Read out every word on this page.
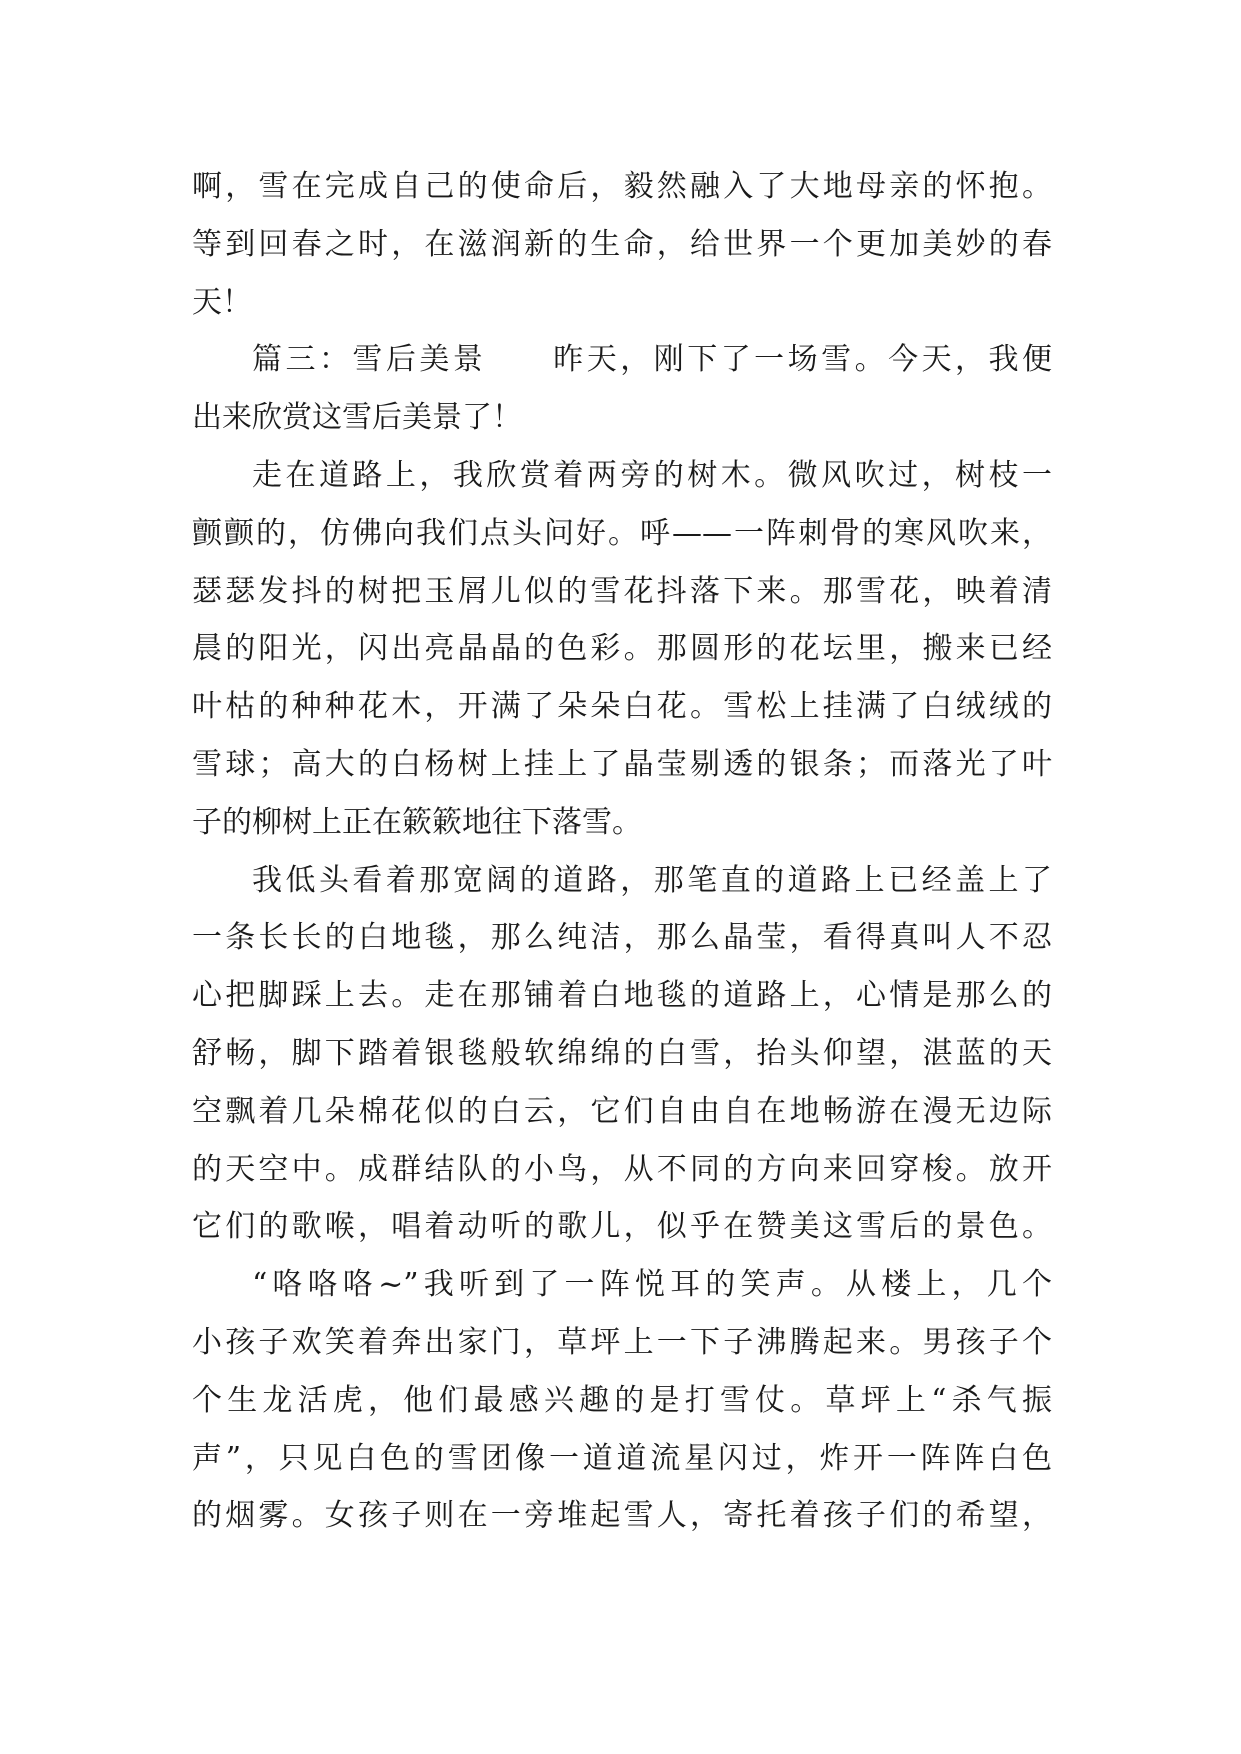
啊，雪在完成自己的使命后，毅然融入了大地母亲的怀抱。
等到回春之时，在滋润新的生命，给世界一个更加美妙的春
天！
篇三：雪后美景　　昨天，刚下了一场雪。今天，我便
出来欣赏这雪后美景了！
走在道路上，我欣赏着两旁的树木。微风吹过，树枝一
颤颤的，仿佛向我们点头问好。呼——一阵刺骨的寒风吹来，
瑟瑟发抖的树把玉屑儿似的雪花抖落下来。那雪花，映着清
晨的阳光，闪出亮晶晶的色彩。那圆形的花坛里，搬来已经
叶枯的种种花木，开满了朵朵白花。雪松上挂满了白绒绒的
雪球；高大的白杨树上挂上了晶莹剔透的银条；而落光了叶
子的柳树上正在簌簌地往下落雪。
我低头看着那宽阔的道路，那笔直的道路上已经盖上了
一条长长的白地毯，那么纯洁，那么晶莹，看得真叫人不忍
心把脚踩上去。走在那铺着白地毯的道路上，心情是那么的
舒畅，脚下踏着银毯般软绵绵的白雪，抬头仰望，湛蓝的天
空飘着几朵棉花似的白云，它们自由自在地畅游在漫无边际
的天空中。成群结队的小鸟，从不同的方向来回穿梭。放开
它们的歌喉，唱着动听的歌儿，似乎在赞美这雪后的景色。
“咯咯咯~”我听到了一阵悦耳的笑声。从楼上，几个
小孩子欢笑着奔出家门，草坪上一下子沸腾起来。男孩子个
个生龙活虎，他们最感兴趣的是打雪仗。草坪上“杀气振
声”，只见白色的雪团像一道道流星闪过，炸开一阵阵白色
的烟雾。女孩子则在一旁堆起雪人，寄托着孩子们的希望，
